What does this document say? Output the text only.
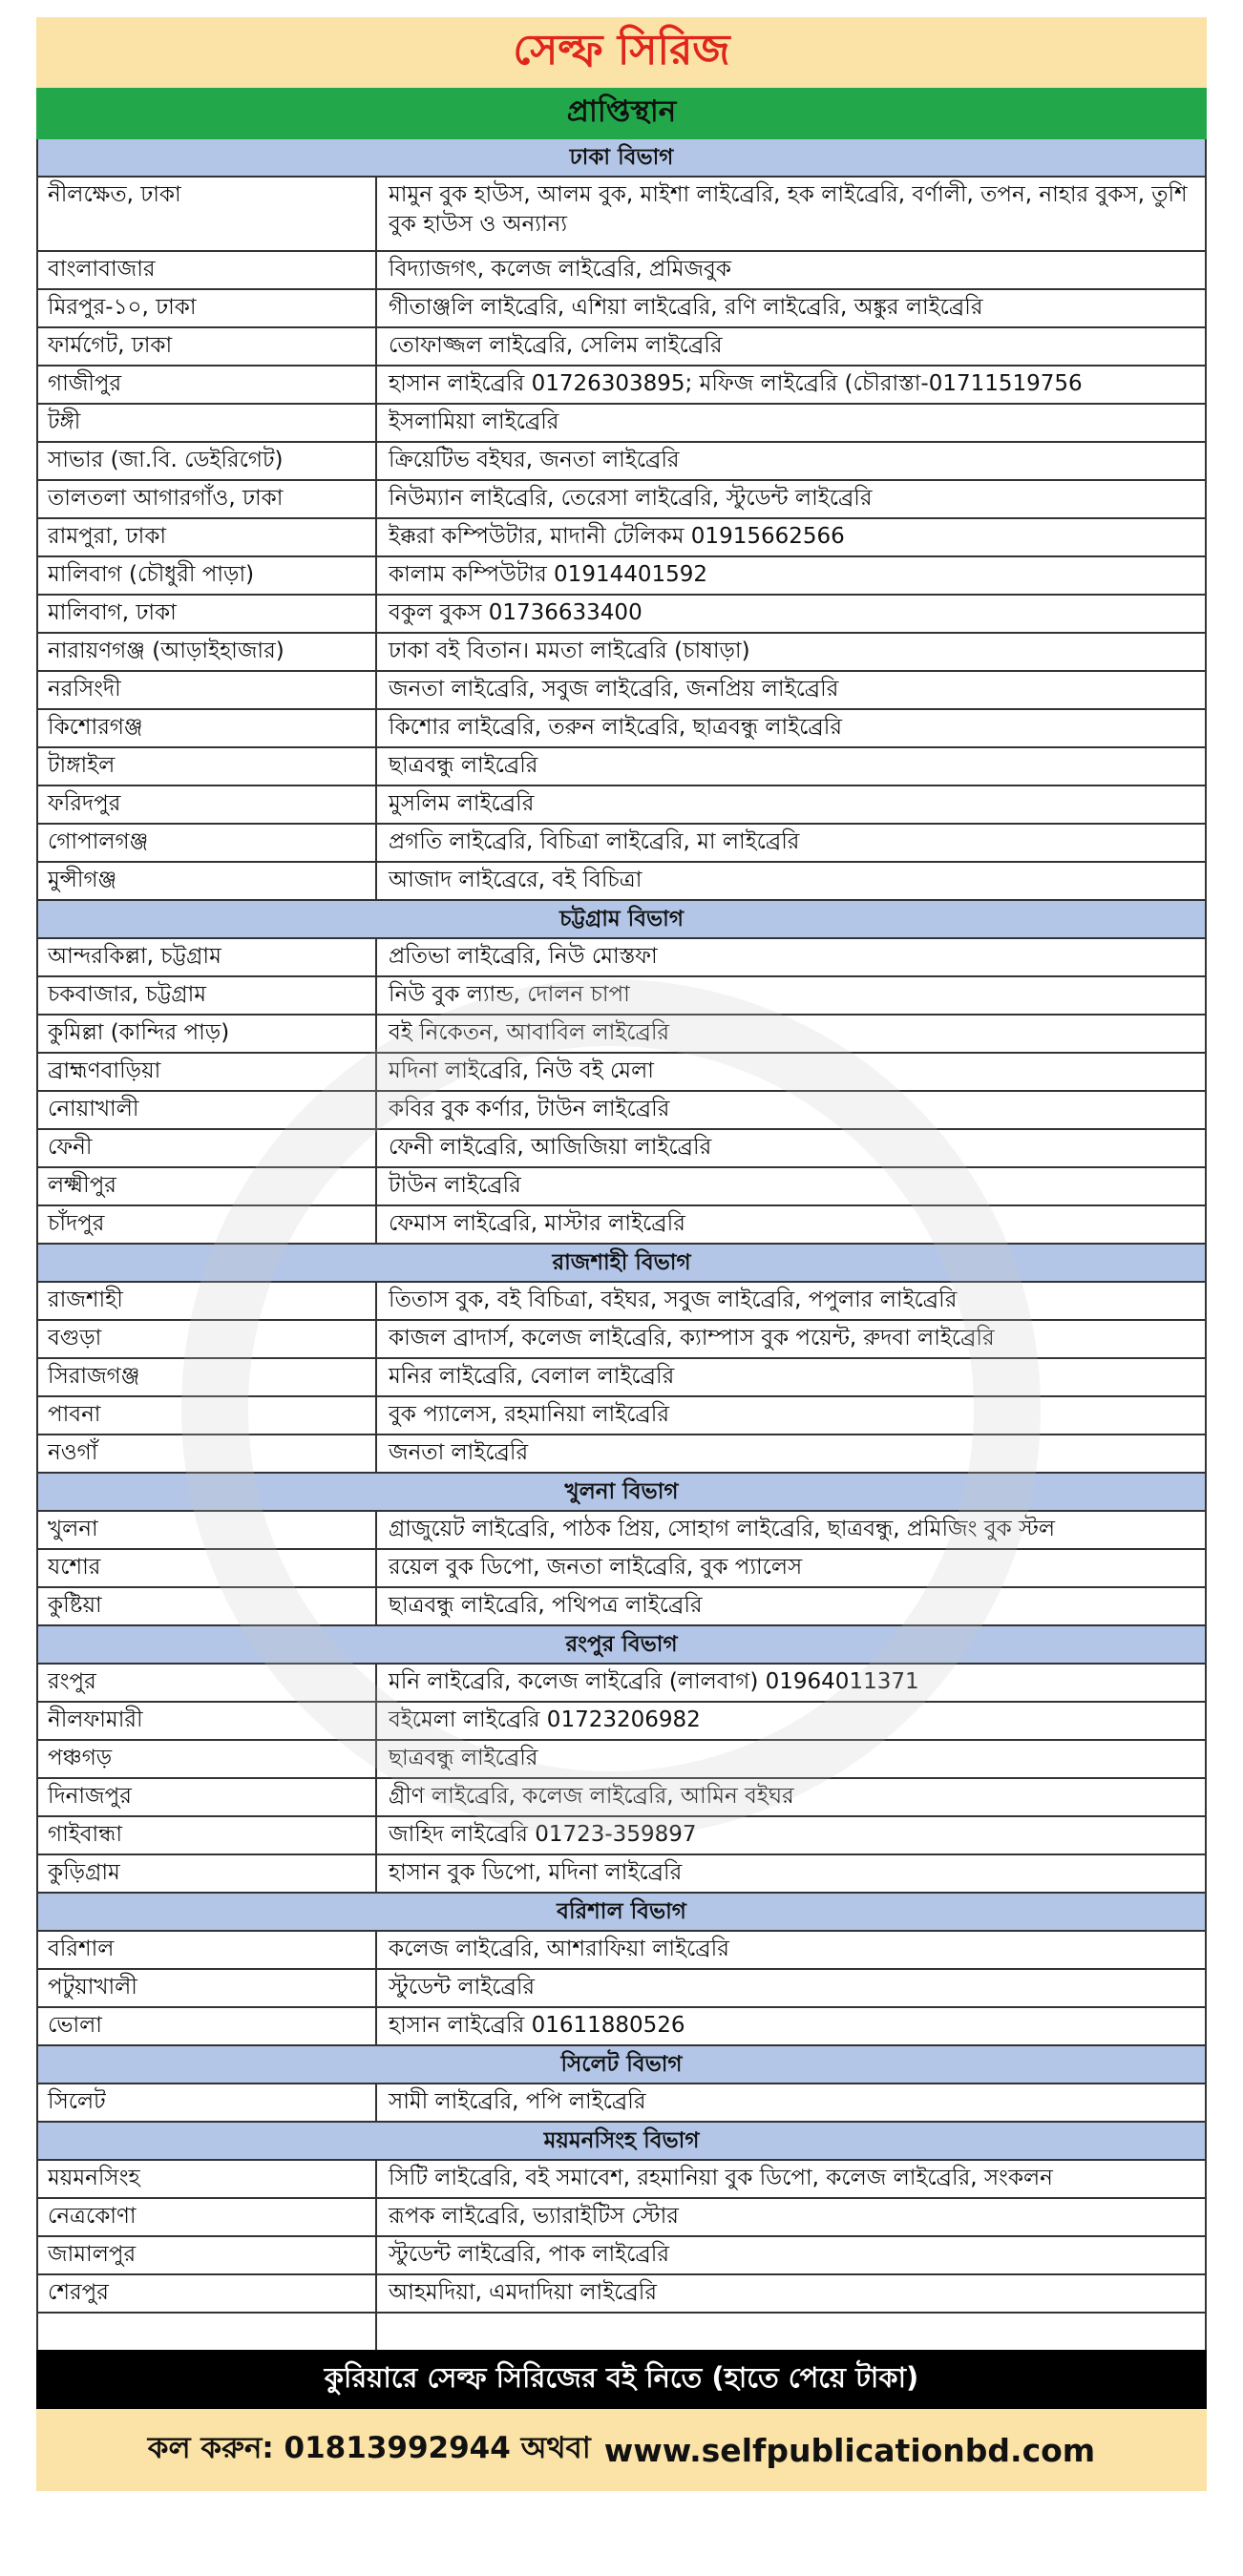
সেল্ফ সিরিজ
প্রাপ্তিস্থান
ঢাকা বিভাগ
নীলক্ষেত, ঢাকা	মামুন বুক হাউস, আলম বুক, মাইশা লাইব্রেরি, হক লাইব্রেরি, বর্ণালী, তপন, নাহার বুকস, তুশি বুক হাউস ও অন্যান্য
বাংলাবাজার	বিদ্যাজগৎ, কলেজ লাইব্রেরি, প্রমিজবুক
মিরপুর-১০, ঢাকা	গীতাঞ্জলি লাইব্রেরি, এশিয়া লাইব্রেরি, রণি লাইব্রেরি, অঙ্কুর লাইব্রেরি
ফার্মগেট, ঢাকা	তোফাজ্জল লাইব্রেরি, সেলিম লাইব্রেরি
গাজীপুর	হাসান লাইব্রেরি 01726303895; মফিজ লাইব্রেরি (চৌরাস্তা-01711519756
টঙ্গী	ইসলামিয়া লাইব্রেরি
সাভার (জা.বি. ডেইরিগেট)	ক্রিয়েটিভ বইঘর, জনতা লাইব্রেরি
তালতলা আগারগাঁও, ঢাকা	নিউম্যান লাইব্রেরি, তেরেসা লাইব্রেরি, স্টুডেন্ট লাইব্রেরি
রামপুরা, ঢাকা	ইক্করা কম্পিউটার, মাদানী টেলিকম 01915662566
মালিবাগ (চৌধুরী পাড়া)	কালাম কম্পিউটার 01914401592
মালিবাগ, ঢাকা	বকুল বুকস 01736633400
নারায়ণগঞ্জ (আড়াইহাজার)	ঢাকা বই বিতান। মমতা লাইব্রেরি (চাষাড়া)
নরসিংদী	জনতা লাইব্রেরি, সবুজ লাইব্রেরি, জনপ্রিয় লাইব্রেরি
কিশোরগঞ্জ	কিশোর লাইব্রেরি, তরুন লাইব্রেরি, ছাত্রবন্ধু লাইব্রেরি
টাঙ্গাইল	ছাত্রবন্ধু লাইব্রেরি
ফরিদপুর	মুসলিম লাইব্রেরি
গোপালগঞ্জ	প্রগতি লাইব্রেরি, বিচিত্রা লাইব্রেরি, মা লাইব্রেরি
মুন্সীগঞ্জ	আজাদ লাইব্রেরে, বই বিচিত্রা
চট্টগ্রাম বিভাগ
আন্দরকিল্লা, চট্টগ্রাম	প্রতিভা লাইব্রেরি, নিউ মোস্তফা
চকবাজার, চট্টগ্রাম	নিউ বুক ল্যান্ড, দোলন চাপা
কুমিল্লা (কান্দির পাড়)	বই নিকেতন, আবাবিল লাইব্রেরি
ব্রাহ্মণবাড়িয়া	মদিনা লাইব্রেরি, নিউ বই মেলা
নোয়াখালী	কবির বুক কর্ণার, টাউন লাইব্রেরি
ফেনী	ফেনী লাইব্রেরি, আজিজিয়া লাইব্রেরি
লক্ষ্মীপুর	টাউন লাইব্রেরি
চাঁদপুর	ফেমাস লাইব্রেরি, মাস্টার লাইব্রেরি
রাজশাহী বিভাগ
রাজশাহী	তিতাস বুক, বই বিচিত্রা, বইঘর, সবুজ লাইব্রেরি, পপুলার লাইব্রেরি
বগুড়া	কাজল ব্রাদার্স, কলেজ লাইব্রেরি, ক্যাম্পাস বুক পয়েন্ট, রুদবা লাইব্রেরি
সিরাজগঞ্জ	মনির লাইব্রেরি, বেলাল লাইব্রেরি
পাবনা	বুক প্যালেস, রহমানিয়া লাইব্রেরি
নওগাঁ	জনতা লাইব্রেরি
খুলনা বিভাগ
খুলনা	গ্রাজুয়েট লাইব্রেরি, পাঠক প্রিয়, সোহাগ লাইব্রেরি, ছাত্রবন্ধু, প্রমিজিং বুক স্টল
যশোর	রয়েল বুক ডিপো, জনতা লাইব্রেরি, বুক প্যালেস
কুষ্টিয়া	ছাত্রবন্ধু লাইব্রেরি, পথিপত্র লাইব্রেরি
রংপুর বিভাগ
রংপুর	মনি লাইব্রেরি, কলেজ লাইব্রেরি (লালবাগ) 01964011371
নীলফামারী	বইমেলা লাইব্রেরি 01723206982
পঞ্চগড়	ছাত্রবন্ধু লাইব্রেরি
দিনাজপুর	গ্রীণ লাইব্রেরি, কলেজ লাইব্রেরি, আমিন বইঘর
গাইবান্ধা	জাহিদ লাইব্রেরি 01723-359897
কুড়িগ্রাম	হাসান বুক ডিপো, মদিনা লাইব্রেরি
বরিশাল বিভাগ
বরিশাল	কলেজ লাইব্রেরি, আশরাফিয়া লাইব্রেরি
পটুয়াখালী	স্টুডেন্ট লাইব্রেরি
ভোলা	হাসান লাইব্রেরি 01611880526
সিলেট বিভাগ
সিলেট	সামী লাইব্রেরি, পপি লাইব্রেরি
ময়মনসিংহ বিভাগ
ময়মনসিংহ	সিটি লাইব্রেরি, বই সমাবেশ, রহমানিয়া বুক ডিপো, কলেজ লাইব্রেরি, সংকলন
নেত্রকোণা	রূপক লাইব্রেরি, ভ্যারাইটিস স্টোর
জামালপুর	স্টুডেন্ট লাইব্রেরি, পাক লাইব্রেরি
শেরপুর	আহমদিয়া, এমদাদিয়া লাইব্রেরি
কুরিয়ারে সেল্ফ সিরিজের বই নিতে (হাতে পেয়ে টাকা)
কল করুন: 01813992944 অথবা www.selfpublicationbd.com
